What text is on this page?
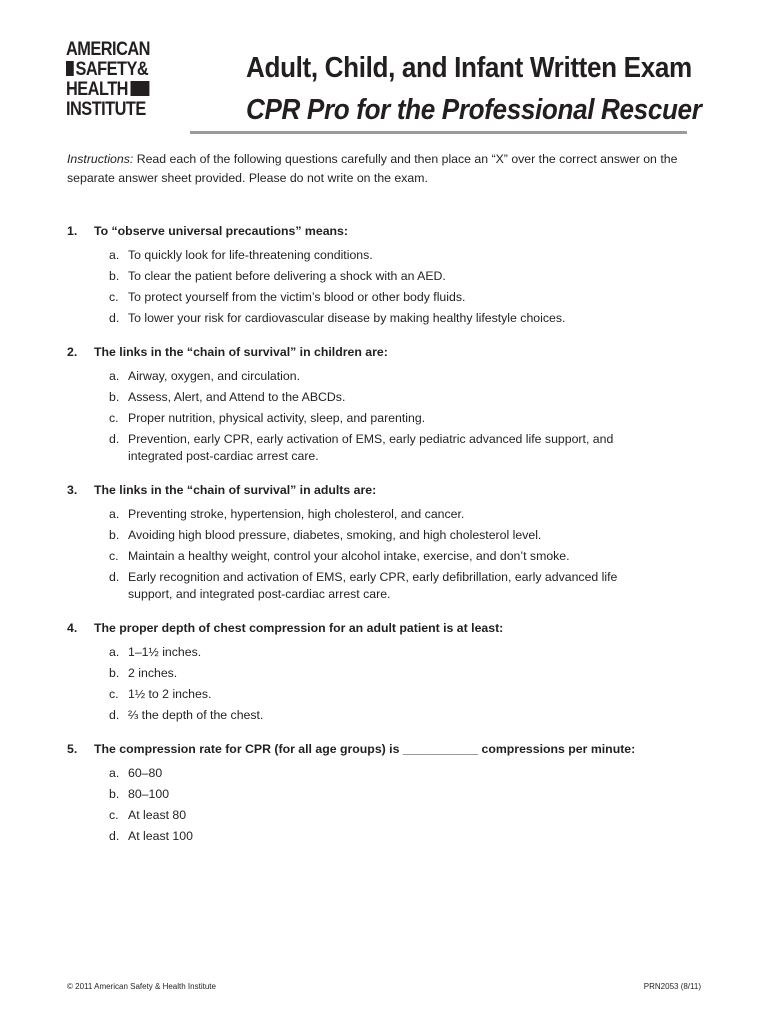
AMERICAN
SAFETY&
HEALTH
INSTITUTE
Adult, Child, and Infant Written Exam
CPR Pro for the Professional Rescuer
Instructions: Read each of the following questions carefully and then place an “X” over the correct answer on the separate answer sheet provided. Please do not write on the exam.
1.	To “observe universal precautions” means:
a. To quickly look for life-threatening conditions.
b. To clear the patient before delivering a shock with an AED.
c. To protect yourself from the victim’s blood or other body fluids.
d. To lower your risk for cardiovascular disease by making healthy lifestyle choices.
2.	The links in the “chain of survival” in children are:
a. Airway, oxygen, and circulation.
b. Assess, Alert, and Attend to the ABCDs.
c. Proper nutrition, physical activity, sleep, and parenting.
d. Prevention, early CPR, early activation of EMS, early pediatric advanced life support, and integrated post-cardiac arrest care.
3.	The links in the “chain of survival” in adults are:
a. Preventing stroke, hypertension, high cholesterol, and cancer.
b. Avoiding high blood pressure, diabetes, smoking, and high cholesterol level.
c. Maintain a healthy weight, control your alcohol intake, exercise, and don’t smoke.
d. Early recognition and activation of EMS, early CPR, early defibrillation, early advanced life support, and integrated post-cardiac arrest care.
4.	The proper depth of chest compression for an adult patient is at least:
a. 1–1½ inches.
b. 2 inches.
c. 1½ to 2 inches.
d. ⅔ the depth of the chest.
5.	The compression rate for CPR (for all age groups) is ___________ compressions per minute:
a. 60–80
b. 80–100
c. At least 80
d. At least 100
© 2011 American Safety & Health Institute	PRN2053 (8/11)
